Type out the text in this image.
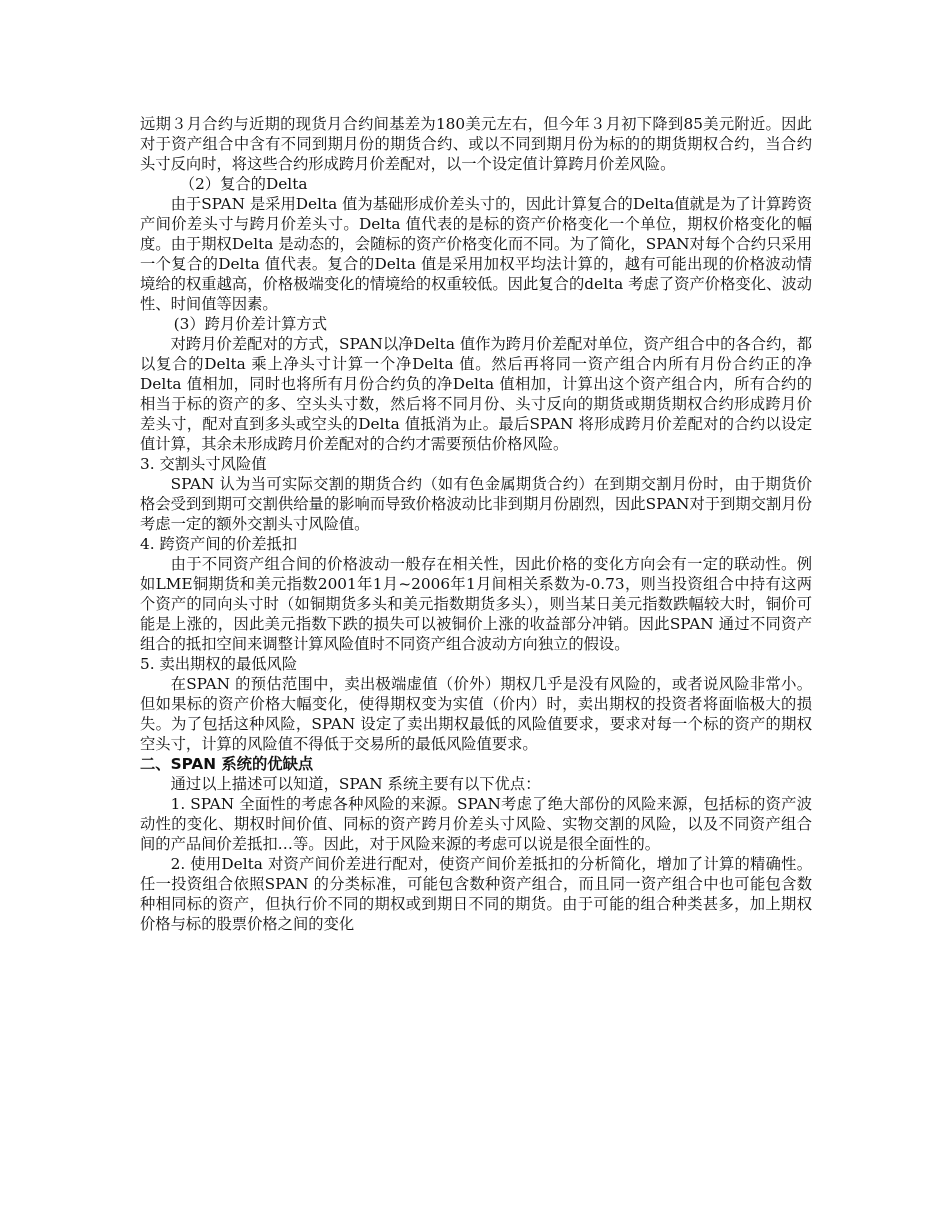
远期３月合约与近期的现货月合约间基差为180美元左右，但今年３月初下降到85美元附近。因此对于资产组合中含有不同到期月份的期货合约、或以不同到期月份为标的的期货期权合约，当合约头寸反向时，将这些合约形成跨月价差配对，以一个设定值计算跨月价差风险。

（2）复合的Delta

由于SPAN 是采用Delta 值为基础形成价差头寸的，因此计算复合的Delta值就是为了计算跨资产间价差头寸与跨月价差头寸。Delta 值代表的是标的资产价格变化一个单位，期权价格变化的幅度。由于期权Delta 是动态的，会随标的资产价格变化而不同。为了简化，SPAN对每个合约只采用一个复合的Delta 值代表。复合的Delta 值是采用加权平均法计算的，越有可能出现的价格波动情境给的权重越高，价格极端变化的情境给的权重较低。因此复合的delta 考虑了资产价格变化、波动性、时间值等因素。

(3）跨月价差计算方式

对跨月价差配对的方式，SPAN以净Delta 值作为跨月价差配对单位，资产组合中的各合约，都以复合的Delta 乘上净头寸计算一个净Delta 值。然后再将同一资产组合内所有月份合约正的净Delta 值相加，同时也将所有月份合约负的净Delta 值相加，计算出这个资产组合内，所有合约的相当于标的资产的多、空头头寸数，然后将不同月份、头寸反向的期货或期货期权合约形成跨月价差头寸，配对直到多头或空头的Delta 值抵消为止。最后SPAN 将形成跨月价差配对的合约以设定值计算，其余未形成跨月价差配对的合约才需要预估价格风险。

3. 交割头寸风险值

SPAN 认为当可实际交割的期货合约（如有色金属期货合约）在到期交割月份时，由于期货价格会受到到期可交割供给量的影响而导致价格波动比非到期月份剧烈，因此SPAN对于到期交割月份考虑一定的额外交割头寸风险值。

4. 跨资产间的价差抵扣

由于不同资产组合间的价格波动一般存在相关性，因此价格的变化方向会有一定的联动性。例如LME铜期货和美元指数2001年1月~2006年1月间相关系数为-0.73，则当投资组合中持有这两个资产的同向头寸时（如铜期货多头和美元指数期货多头），则当某日美元指数跌幅较大时，铜价可能是上涨的，因此美元指数下跌的损失可以被铜价上涨的收益部分冲销。因此SPAN 通过不同资产组合的抵扣空间来调整计算风险值时不同资产组合波动方向独立的假设。

5. 卖出期权的最低风险

在SPAN 的预估范围中，卖出极端虚值（价外）期权几乎是没有风险的，或者说风险非常小。但如果标的资产价格大幅变化，使得期权变为实值（价内）时，卖出期权的投资者将面临极大的损失。为了包括这种风险，SPAN 设定了卖出期权最低的风险值要求，要求对每一个标的资产的期权空头寸，计算的风险值不得低于交易所的最低风险值要求。

二、SPAN 系统的优缺点

通过以上描述可以知道，SPAN 系统主要有以下优点：

1. SPAN 全面性的考虑各种风险的来源。SPAN考虑了绝大部份的风险来源，包括标的资产波动性的变化、期权时间价值、同标的资产跨月价差头寸风险、实物交割的风险，以及不同资产组合间的产品间价差抵扣…等。因此，对于风险来源的考虑可以说是很全面性的。

2. 使用Delta 对资产间价差进行配对，使资产间价差抵扣的分析简化，增加了计算的精确性。任一投资组合依照SPAN 的分类标准，可能包含数种资产组合，而且同一资产组合中也可能包含数种相同标的资产，但执行价不同的期权或到期日不同的期货。由于可能的组合种类甚多，加上期权价格与标的股票价格之间的变化
